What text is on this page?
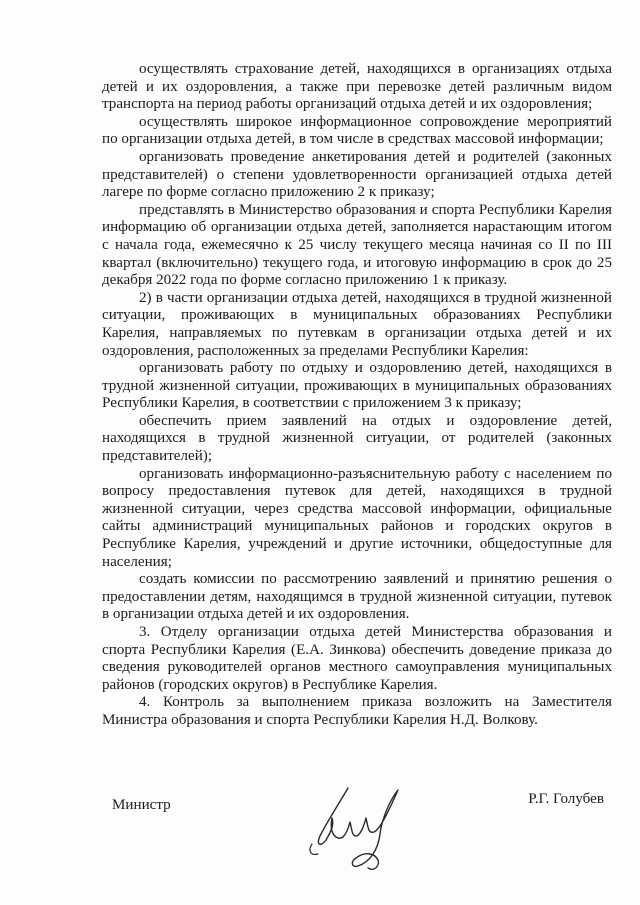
осуществлять страхование детей, находящихся в организациях отдыха детей и их оздоровления, а также при перевозке детей различным видом транспорта на период работы организаций отдыха детей и их оздоровления;

осуществлять широкое информационное сопровождение мероприятий по организации отдыха детей, в том числе в средствах массовой информации;

организовать проведение анкетирования детей и родителей (законных представителей) о степени удовлетворенности организацией отдыха детей лагере по форме согласно приложению 2 к приказу;

представлять в Министерство образования и спорта Республики Карелия информацию об организации отдыха детей, заполняется нарастающим итогом с начала года, ежемесячно к 25 числу текущего месяца начиная со II по III квартал (включительно) текущего года, и итоговую информацию в срок до 25 декабря 2022 года по форме согласно приложению 1 к приказу.

2) в части организации отдыха детей, находящихся в трудной жизненной ситуации, проживающих в муниципальных образованиях Республики Карелия, направляемых по путевкам в организации отдыха детей и их оздоровления, расположенных за пределами Республики Карелия:

организовать работу по отдыху и оздоровлению детей, находящихся в трудной жизненной ситуации, проживающих в муниципальных образованиях Республики Карелия, в соответствии с приложением 3 к приказу;

обеспечить прием заявлений на отдых и оздоровление детей, находящихся в трудной жизненной ситуации, от родителей (законных представителей);

организовать информационно-разъяснительную работу с населением по вопросу предоставления путевок для детей, находящихся в трудной жизненной ситуации, через средства массовой информации, официальные сайты администраций муниципальных районов и городских округов в Республике Карелия, учреждений и другие источники, общедоступные для населения;

создать комиссии по рассмотрению заявлений и принятию решения о предоставлении детям, находящимся в трудной жизненной ситуации, путевок в организации отдыха детей и их оздоровления.

3. Отделу организации отдыха детей Министерства образования и спорта Республики Карелия (Е.А. Зинкова) обеспечить доведение приказа до сведения руководителей органов местного самоуправления муниципальных районов (городских округов) в Республике Карелия.

4. Контроль за выполнением приказа возложить на Заместителя Министра образования и спорта Республики Карелия Н.Д. Волкову.

Министр	Р.Г. Голубев
